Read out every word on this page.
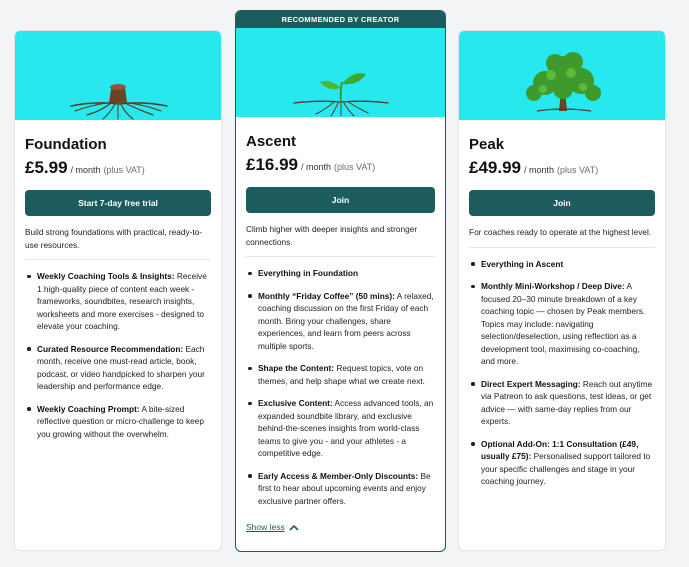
Foundation
£5.99 / month (plus VAT)
Start 7-day free trial
Build strong foundations with practical, ready-to-use resources.
Weekly Coaching Tools & Insights: Receive 1 high-quality piece of content each week - frameworks, soundbites, research insights, worksheets and more exercises - designed to elevate your coaching.
Curated Resource Recommendation: Each month, receive one must-read article, book, podcast, or video handpicked to sharpen your leadership and performance edge.
Weekly Coaching Prompt: A bite-sized reflective question or micro-challenge to keep you growing without the overwhelm.
RECOMMENDED BY CREATOR
Ascent
£16.99 / month (plus VAT)
Join
Climb higher with deeper insights and stronger connections.
Everything in Foundation
Monthly “Friday Coffee” (50 mins): A relaxed, coaching discussion on the first Friday of each month. Bring your challenges, share experiences, and learn from peers across multiple sports.
Shape the Content: Request topics, vote on themes, and help shape what we create next.
Exclusive Content: Access advanced tools, an expanded soundbite library, and exclusive behind-the-scenes insights from world-class teams to give you - and your athletes - a competitive edge.
Early Access & Member-Only Discounts: Be first to hear about upcoming events and enjoy exclusive partner offers.
Show less
Peak
£49.99 / month (plus VAT)
Join
For coaches ready to operate at the highest level.
Everything in Ascent
Monthly Mini-Workshop / Deep Dive: A focused 20–30 minute breakdown of a key coaching topic — chosen by Peak members. Topics may include: navigating selection/deselection, using reflection as a development tool, maximising co-coaching, and more.
Direct Expert Messaging: Reach out anytime via Patreon to ask questions, test ideas, or get advice — with same-day replies from our experts.
Optional Add-On: 1:1 Consultation (£49, usually £75): Personalised support tailored to your specific challenges and stage in your coaching journey.
